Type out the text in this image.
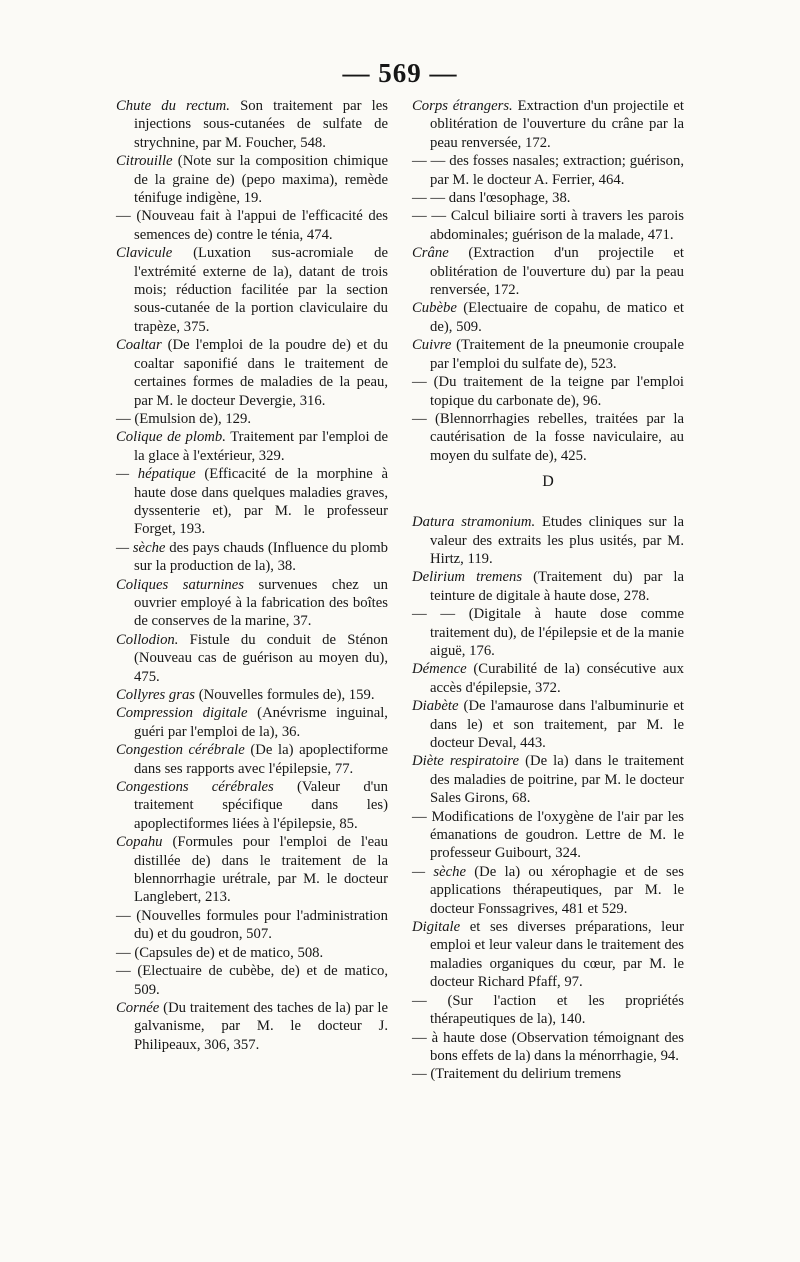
— 569 —
Chute du rectum. Son traitement par les injections sous-cutanées de sulfate de strychnine, par M. Foucher, 548.
Citrouille (Note sur la composition chimique de la graine de) (pepo maxima), remède ténifuge indigène, 19.
— (Nouveau fait à l'appui de l'efficacité des semences de) contre le ténia, 474.
Clavicule (Luxation sus-acromiale de l'extrémité externe de la), datant de trois mois; réduction facilitée par la section sous-cutanée de la portion claviculaire du trapèze, 375.
Coaltar (De l'emploi de la poudre de) et du coaltar saponifié dans le traitement de certaines formes de maladies de la peau, par M. le docteur Devergie, 316.
— (Emulsion de), 129.
Colique de plomb. Traitement par l'emploi de la glace à l'extérieur, 329.
— hépatique (Efficacité de la morphine à haute dose dans quelques maladies graves, dyssenterie et), par M. le professeur Forget, 193.
— sèche des pays chauds (Influence du plomb sur la production de la), 38.
Coliques saturnines survenues chez un ouvrier employé à la fabrication des boîtes de conserves de la marine, 37.
Collodion. Fistule du conduit de Sténon (Nouveau cas de guérison au moyen du), 475.
Collyres gras (Nouvelles formules de), 159.
Compression digitale (Anévrisme inguinal, guéri par l'emploi de la), 36.
Congestion cérébrale (De la) apoplectiforme dans ses rapports avec l'épilepsie, 77.
Congestions cérébrales (Valeur d'un traitement spécifique dans les) apoplectiformes liées à l'épilepsie, 85.
Copahu (Formules pour l'emploi de l'eau distillée de) dans le traitement de la blennorrhagie urétrale, par M. le docteur Langlebert, 213.
— (Nouvelles formules pour l'administration du) et du goudron, 507.
— (Capsules de) et de matico, 508.
— (Electuaire de cubèbe, de) et de matico, 509.
Cornée (Du traitement des taches de la) par le galvanisme, par M. le docteur J. Philipeaux, 306, 357.
Corps étrangers. Extraction d'un projectile et oblitération de l'ouverture du crâne par la peau renversée, 172.
— — des fosses nasales; extraction; guérison, par M. le docteur A. Ferrier, 464.
— — dans l'œsophage, 38.
— — Calcul biliaire sorti à travers les parois abdominales; guérison de la malade, 471.
Crâne (Extraction d'un projectile et oblitération de l'ouverture du) par la peau renversée, 172.
Cubèbe (Electuaire de copahu, de matico et de), 509.
Cuivre (Traitement de la pneumonie croupale par l'emploi du sulfate de), 523.
— (Du traitement de la teigne par l'emploi topique du carbonate de), 96.
— (Blennorrhagies rebelles, traitées par la cautérisation de la fosse naviculaire, au moyen du sulfate de), 425.
D
Datura stramonium. Etudes cliniques sur la valeur des extraits les plus usités, par M. Hirtz, 119.
Delirium tremens (Traitement du) par la teinture de digitale à haute dose, 278.
— — (Digitale à haute dose comme traitement du), de l'épilepsie et de la manie aiguë, 176.
Démence (Curabilité de la) consécutive aux accès d'épilepsie, 372.
Diabète (De l'amaurose dans l'albuminurie et dans le) et son traitement, par M. le docteur Deval, 443.
Diète respiratoire (De la) dans le traitement des maladies de poitrine, par M. le docteur Sales Girons, 68.
— Modifications de l'oxygène de l'air par les émanations de goudron. Lettre de M. le professeur Guibourt, 324.
— sèche (De la) ou xérophagie et de ses applications thérapeutiques, par M. le docteur Fonssagrives, 481 et 529.
Digitale et ses diverses préparations, leur emploi et leur valeur dans le traitement des maladies organiques du cœur, par M. le docteur Richard Pfaff, 97.
— (Sur l'action et les propriétés thérapeutiques de la), 140.
— à haute dose (Observation témoignant des bons effets de la) dans la ménorrhagie, 94.
— (Traitement du delirium tremens
